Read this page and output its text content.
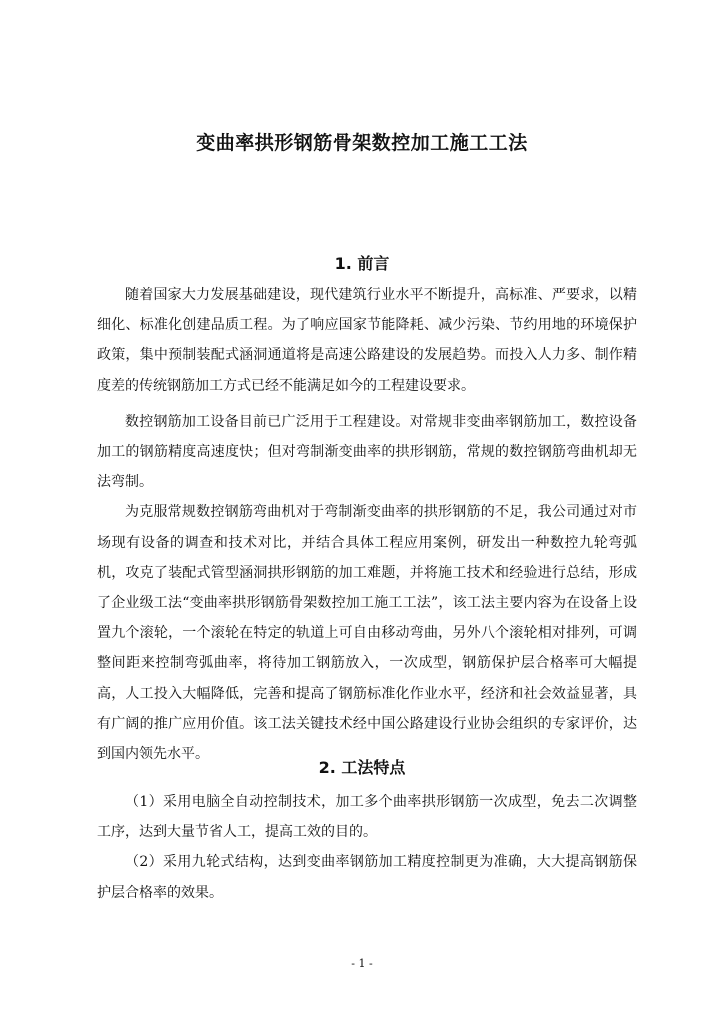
变曲率拱形钢筋骨架数控加工施工工法
1. 前言

随着国家大力发展基础建设，现代建筑行业水平不断提升，高标准、严要求，以精细化、标准化创建品质工程。为了响应国家节能降耗、减少污染、节约用地的环境保护政策，集中预制装配式涵洞通道将是高速公路建设的发展趋势。而投入人力多、制作精度差的传统钢筋加工方式已经不能满足如今的工程建设要求。

数控钢筋加工设备目前已广泛用于工程建设。对常规非变曲率钢筋加工，数控设备加工的钢筋精度高速度快；但对弯制渐变曲率的拱形钢筋，常规的数控钢筋弯曲机却无法弯制。

为克服常规数控钢筋弯曲机对于弯制渐变曲率的拱形钢筋的不足，我公司通过对市场现有设备的调查和技术对比，并结合具体工程应用案例，研发出一种数控九轮弯弧机，攻克了装配式管型涵洞拱形钢筋的加工难题，并将施工技术和经验进行总结，形成了企业级工法“变曲率拱形钢筋骨架数控加工施工工法”，该工法主要内容为在设备上设置九个滚轮，一个滚轮在特定的轨道上可自由移动弯曲，另外八个滚轮相对排列，可调整间距来控制弯弧曲率，将待加工钢筋放入，一次成型，钢筋保护层合格率可大幅提高，人工投入大幅降低，完善和提高了钢筋标准化作业水平，经济和社会效益显著，具有广阔的推广应用价值。该工法关键技术经中国公路建设行业协会组织的专家评价，达到国内领先水平。

2. 工法特点

（1）采用电脑全自动控制技术，加工多个曲率拱形钢筋一次成型，免去二次调整工序，达到大量节省人工，提高工效的目的。

（2）采用九轮式结构，达到变曲率钢筋加工精度控制更为准确，大大提高钢筋保护层合格率的效果。

- 1 -
